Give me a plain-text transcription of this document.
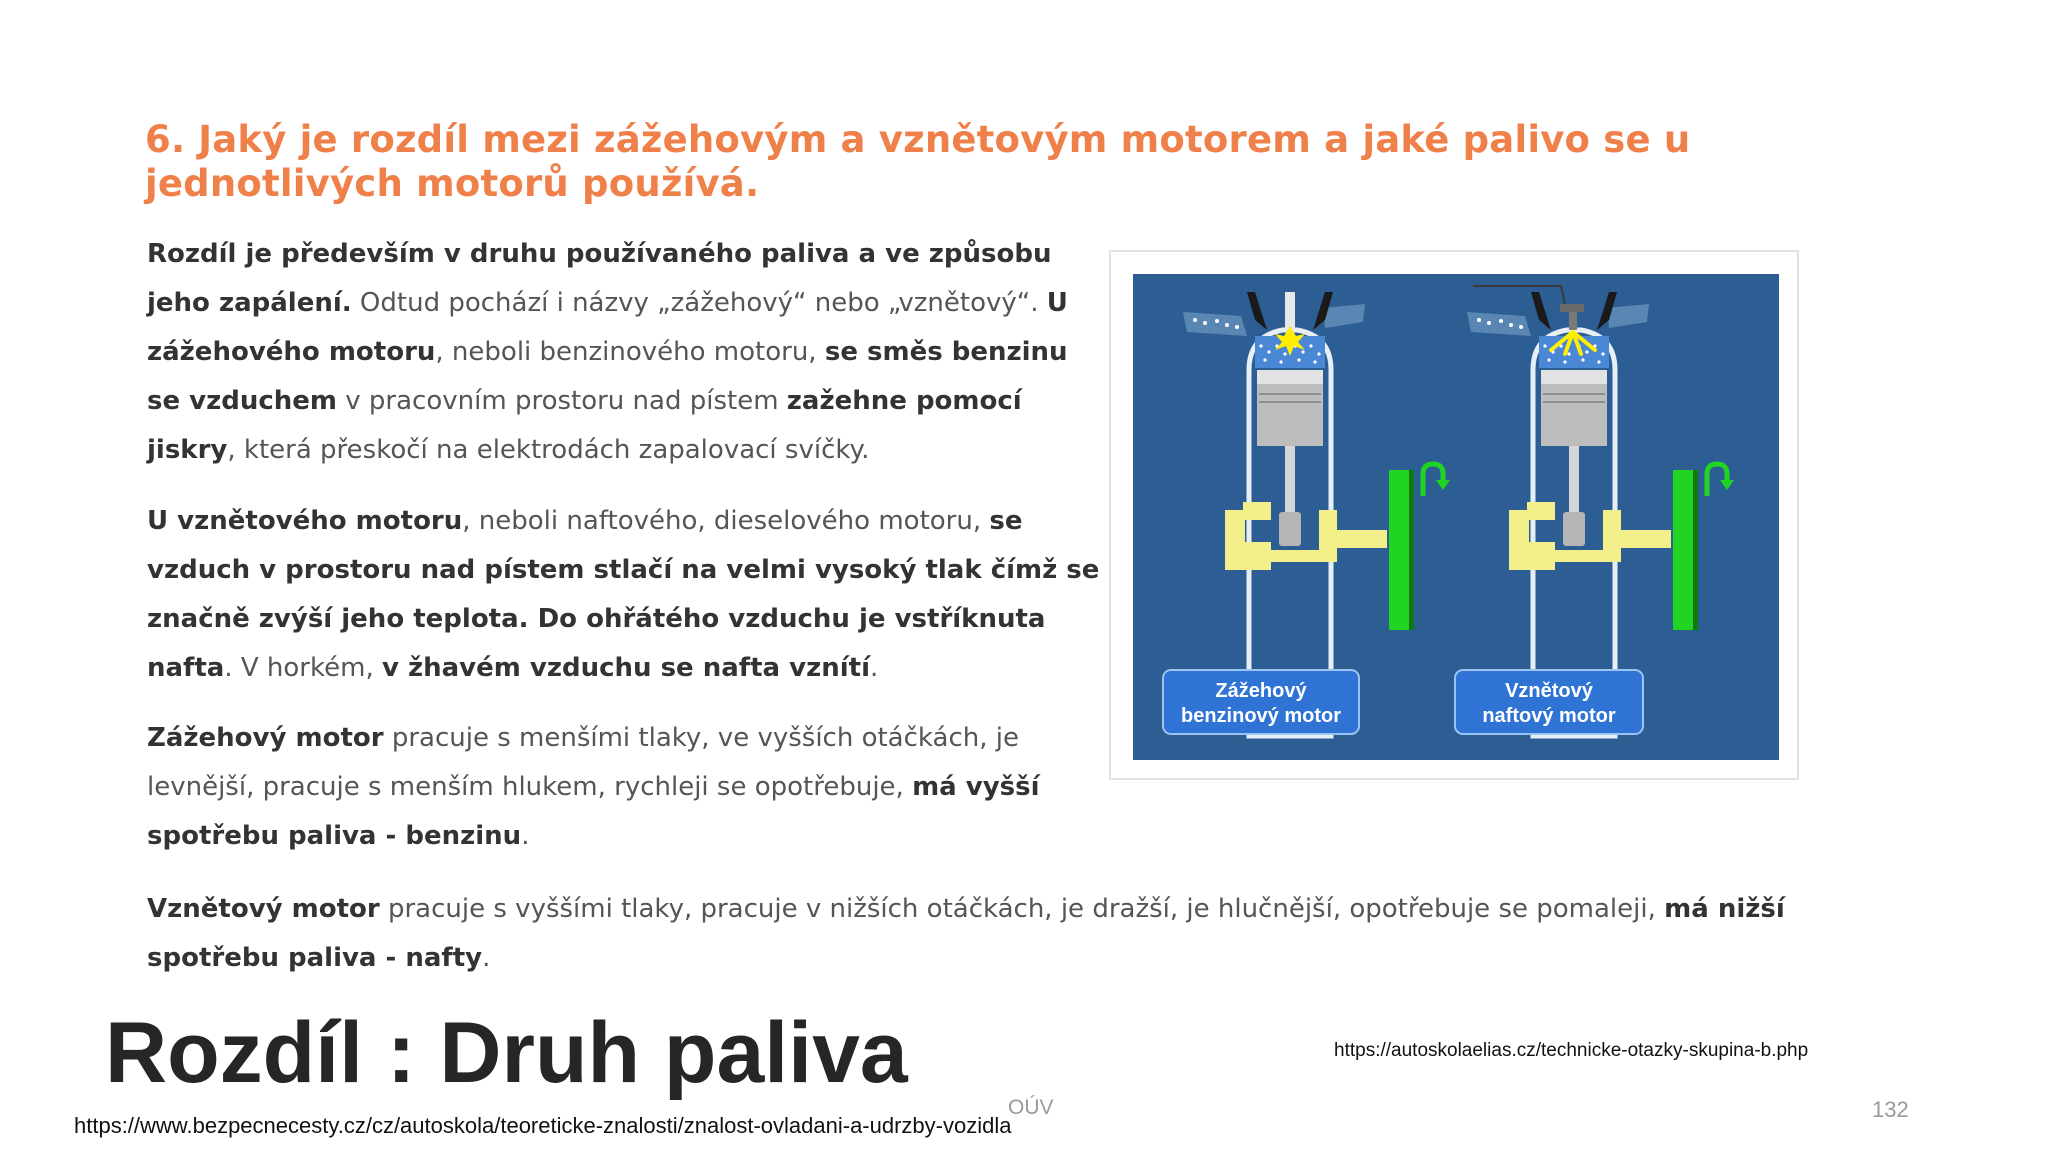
6. Jaký je rozdíl mezi zážehovým a vznětovým motorem a jaké palivo se u jednotlivých motorů používá.

Rozdíl je především v druhu používaného paliva a ve způsobu jeho zapálení. Odtud pochází i názvy „zážehový“ nebo „vznětový“. U zážehového motoru, neboli benzinového motoru, se směs benzinu se vzduchem v pracovním prostoru nad pístem zažehne pomocí jiskry, která přeskočí na elektrodách zapalovací svíčky.

U vznětového motoru, neboli naftového, dieselového motoru, se vzduch v prostoru nad pístem stlačí na velmi vysoký tlak čímž se značně zvýší jeho teplota. Do ohřátého vzduchu je vstříknuta nafta. V horkém, v žhavém vzduchu se nafta vznítí.

Zážehový motor pracuje s menšími tlaky, ve vyšších otáčkách, je levnější, pracuje s menším hlukem, rychleji se opotřebuje, má vyšší spotřebu paliva - benzinu.

Vznětový motor pracuje s vyššími tlaky, pracuje v nižších otáčkách, je dražší, je hlučnější, opotřebuje se pomaleji, má nižší spotřebu paliva - nafty.

Zážehový
benzinový motor
Vznětový
naftový motor
Rozdíl : Druh paliva	https://autoskolaelias.cz/technicke-otazky-skupina-b.php
OÚV
https://www.bezpecnecesty.cz/cz/autoskola/teoreticke-znalosti/znalost-ovladani-a-udrzby-vozidla
132
